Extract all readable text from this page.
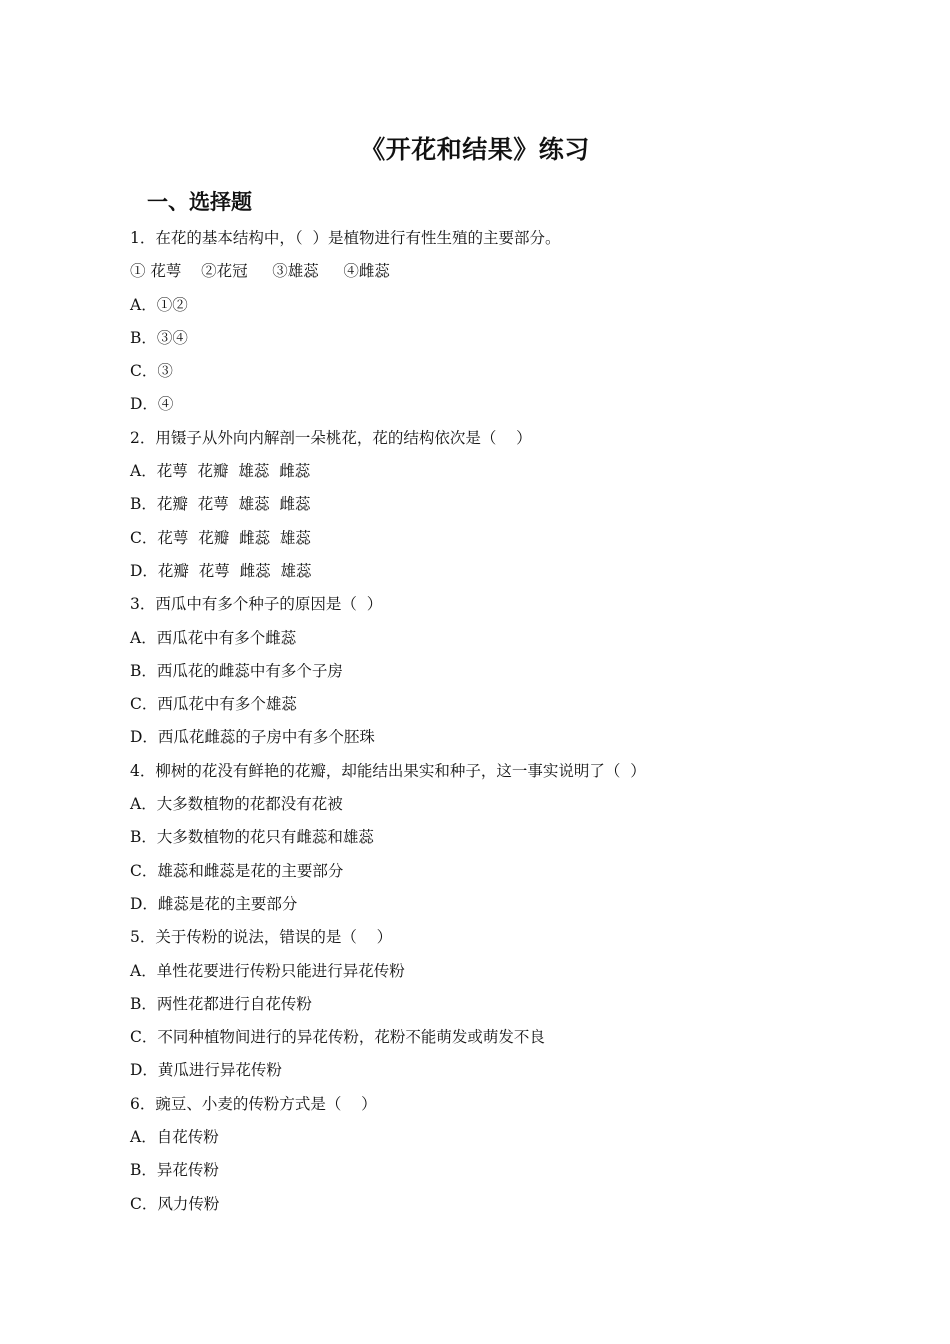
《开花和结果》练习
一、选择题
1．在花的基本结构中，（  ）是植物进行有性生殖的主要部分。
① 花萼    ②花冠     ③雄蕊     ④雌蕊
A．①②
B．③④
C．③
D．④
2．用镊子从外向内解剖一朵桃花，花的结构依次是（    ）
A．花萼  花瓣  雄蕊  雌蕊
B．花瓣  花萼  雄蕊  雌蕊
C．花萼  花瓣  雌蕊  雄蕊
D．花瓣  花萼  雌蕊  雄蕊
3．西瓜中有多个种子的原因是（  ）
A．西瓜花中有多个雌蕊
B．西瓜花的雌蕊中有多个子房
C．西瓜花中有多个雄蕊
D．西瓜花雌蕊的子房中有多个胚珠
4．柳树的花没有鲜艳的花瓣，却能结出果实和种子，这一事实说明了（  ）
A．大多数植物的花都没有花被
B．大多数植物的花只有雌蕊和雄蕊
C．雄蕊和雌蕊是花的主要部分
D．雌蕊是花的主要部分
5．关于传粉的说法，错误的是（    ）
A．单性花要进行传粉只能进行异花传粉
B．两性花都进行自花传粉
C．不同种植物间进行的异花传粉，花粉不能萌发或萌发不良
D．黄瓜进行异花传粉
6．豌豆、小麦的传粉方式是（    ）
A．自花传粉
B．异花传粉
C．风力传粉
